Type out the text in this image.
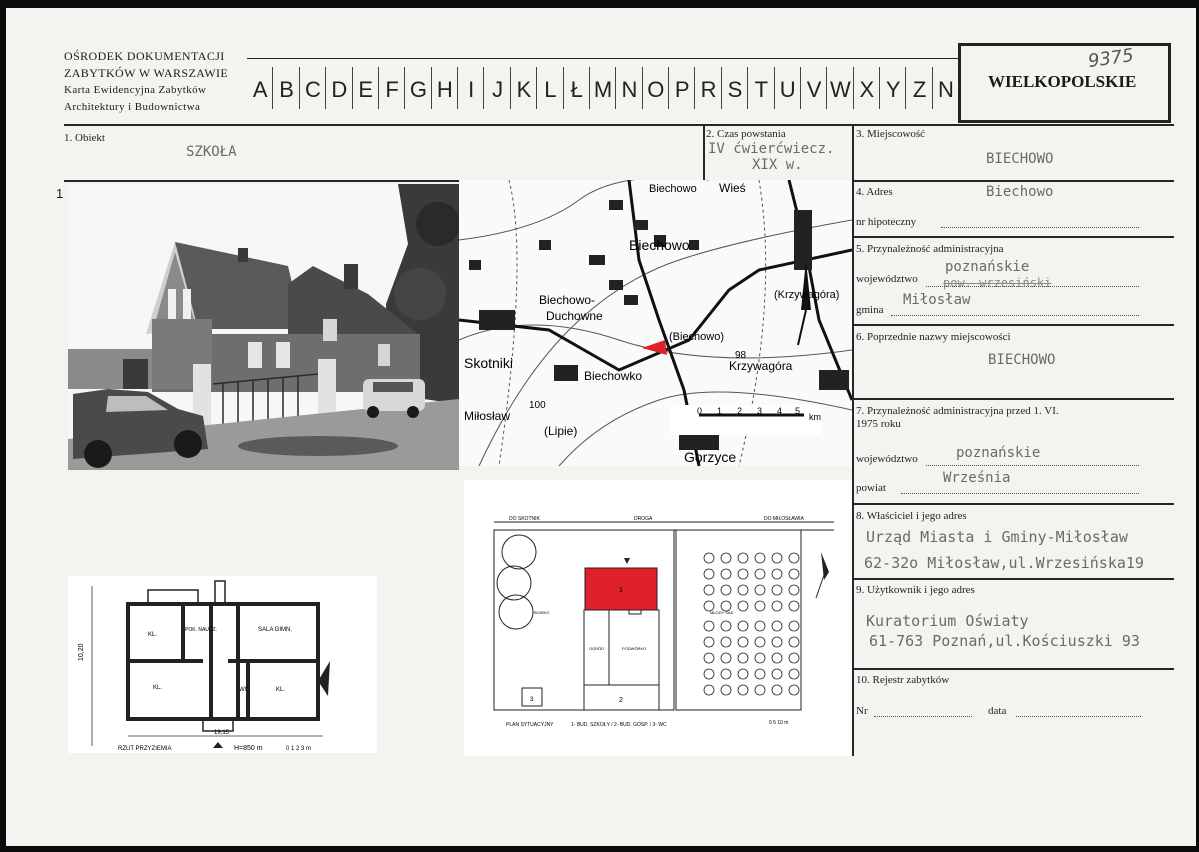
OŚRODEK DOKUMENTACJI
ZABYTKÓW W WARSZAWIE
Karta Ewidencyjna Zabytków
Architektury i Budownictwa
A B C D E F G H I J K L Ł M N O P R S T U V W X Y Z N	WIELKOPOLSKIE
9375
1. Obiekt
SZKOŁA
2. Czas powstania
IV ćwierćwiecz.
XIX w.
3. Miejscowość
BIECHOWO
4. Adres	Biechowo
nr hipoteczny
5. Przynależność administracyjna
województwo
poznańskie
pow. wrzesiński
gmina
Miłosław
6. Poprzednie nazwy miejscowości
BIECHOWO
7. Przynależność administracyjna przed 1. VI.
1975 roku
województwo	poznańskie
powiat
Września
8. Właściciel i jego adres
Urząd Miasta i Gminy-Miłosław
62-32o Miłosław,ul.Wrzesińska19
9. Użytkownik i jego adres
Kuratorium Oświaty
61-763 Poznań,ul.Kościuszki 93
10. Rejestr zabytków
Nr	data
1
Biechowo
Wieś
Biechowo
Biechowo-
Duchowne
Skotniki
Biechowko
(Biechowo)
Krzywagóra
(Krzywagóra)
Miłosław
(Lipie)
Gorzyce
100
98
0 1 2 3 4 5
km
KL.
POK. NAUCZ.	SALA GIMN.
KL.	WC	KL.
10,20
19,15
RZUT PRZYZIEMIA	H=850 m	0 1 2 3 m
DO SKOTNIK	DROGA	DO MIŁOSŁAWIA
BOISKO	MŁODY SAD
OGRÓD	PODWÓRKO
1
2
3
PLAN SYTUACYJNY	1- BUD. SZKOŁY / 2- BUD. GOSP. / 3- WC	0 5 10 m
